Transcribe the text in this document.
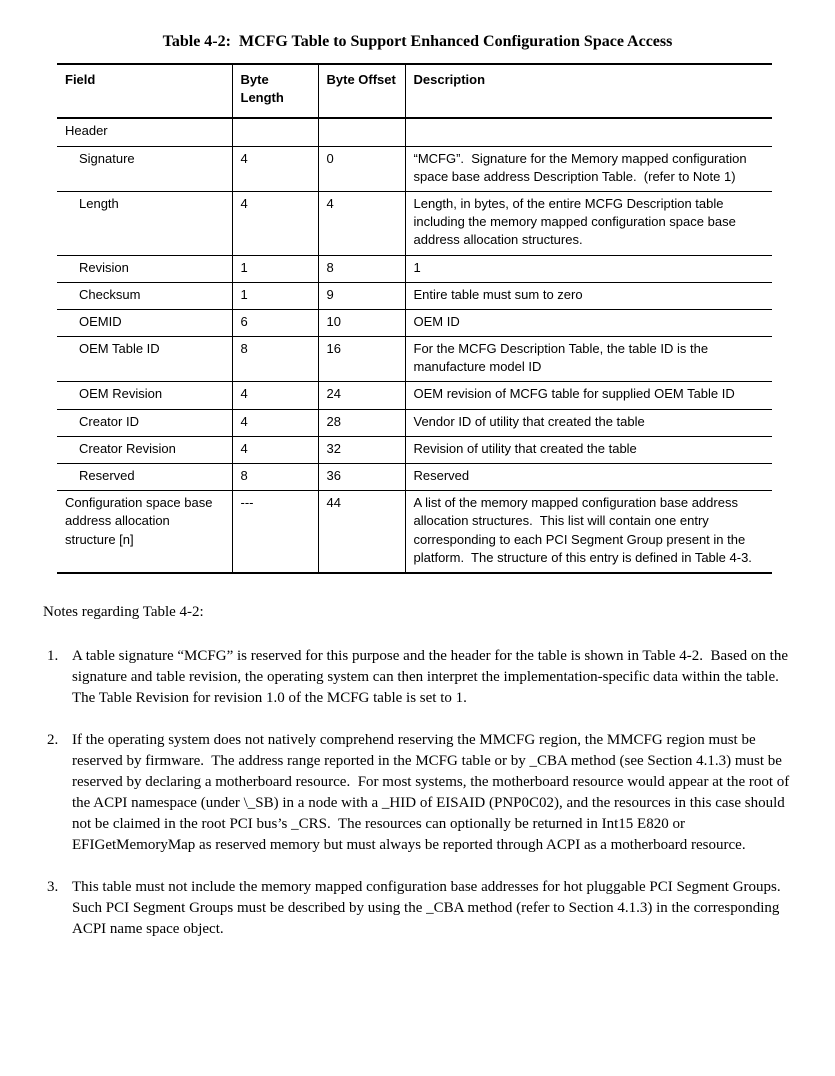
Table 4-2:  MCFG Table to Support Enhanced Configuration Space Access
Field	Byte Length	Byte Offset	Description
Header			
Signature	4	0	“MCFG”.  Signature for the Memory mapped configuration space base address Description Table.  (refer to Note 1)
Length	4	4	Length, in bytes, of the entire MCFG Description table including the memory mapped configuration space base address allocation structures.
Revision	1	8	1
Checksum	1	9	Entire table must sum to zero
OEMID	6	10	OEM ID
OEM Table ID	8	16	For the MCFG Description Table, the table ID is the manufacture model ID
OEM Revision	4	24	OEM revision of MCFG table for supplied OEM Table ID
Creator ID	4	28	Vendor ID of utility that created the table
Creator Revision	4	32	Revision of utility that created the table
Reserved	8	36	Reserved
Configuration space base address allocation structure [n]	---	44	A list of the memory mapped configuration base address allocation structures.  This list will contain one entry corresponding to each PCI Segment Group present in the platform.  The structure of this entry is defined in Table 4-3.

Notes regarding Table 4-2:

1. A table signature “MCFG” is reserved for this purpose and the header for the table is shown in Table 4-2.  Based on the signature and table revision, the operating system can then interpret the implementation-specific data within the table.  The Table Revision for revision 1.0 of the MCFG table is set to 1.

2. If the operating system does not natively comprehend reserving the MMCFG region, the MMCFG region must be reserved by firmware.  The address range reported in the MCFG table or by _CBA method (see Section 4.1.3) must be reserved by declaring a motherboard resource.  For most systems, the motherboard resource would appear at the root of the ACPI namespace (under \_SB) in a node with a _HID of EISAID (PNP0C02), and the resources in this case should not be claimed in the root PCI bus’s _CRS.  The resources can optionally be returned in Int15 E820 or EFIGetMemoryMap as reserved memory but must always be reported through ACPI as a motherboard resource.

3. This table must not include the memory mapped configuration base addresses for hot pluggable PCI Segment Groups.  Such PCI Segment Groups must be described by using the _CBA method (refer to Section 4.1.3) in the corresponding ACPI name space object.
